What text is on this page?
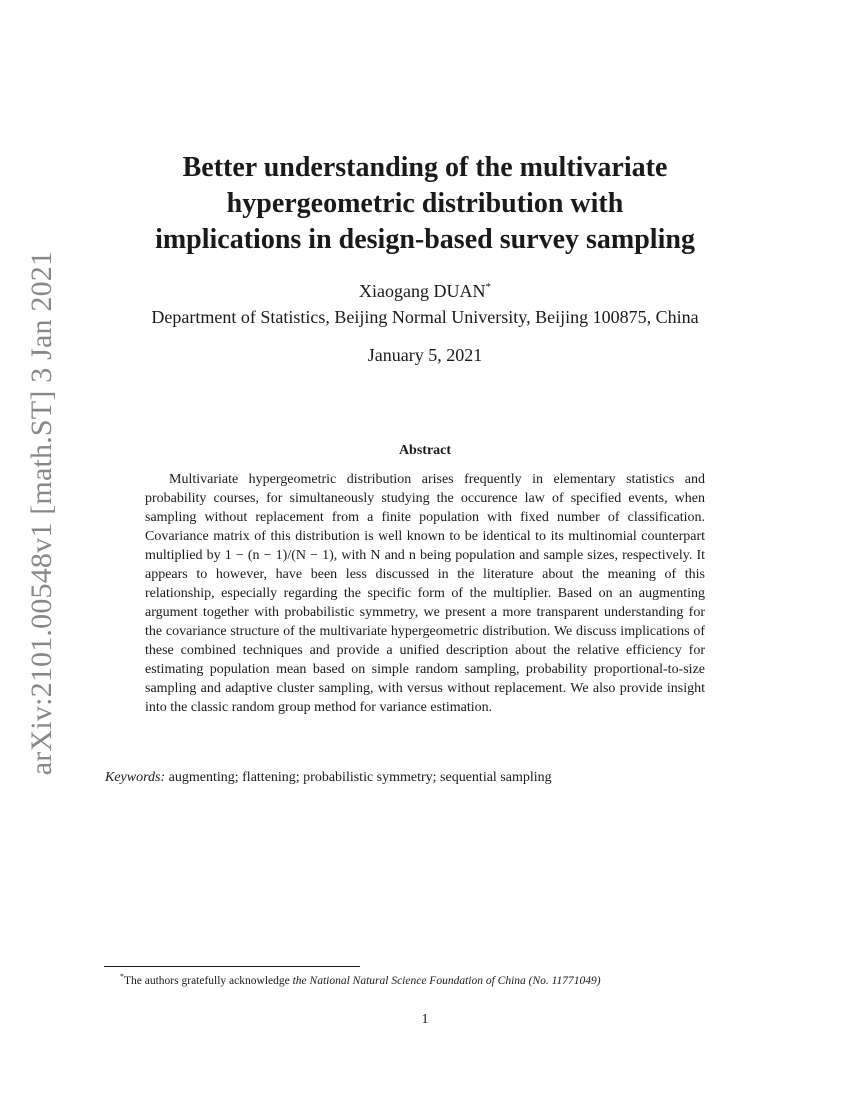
arXiv:2101.00548v1 [math.ST] 3 Jan 2021
Better understanding of the multivariate
hypergeometric distribution with
implications in design-based survey sampling
Xiaogang DUAN*
Department of Statistics, Beijing Normal University, Beijing 100875, China
January 5, 2021
Abstract
Multivariate hypergeometric distribution arises frequently in elementary statistics and probability courses, for simultaneously studying the occurence law of specified events, when sampling without replacement from a finite population with fixed number of classification. Covariance matrix of this distribution is well known to be identical to its multinomial counterpart multiplied by 1 − (n − 1)/(N − 1), with N and n being population and sample sizes, respectively. It appears to however, have been less discussed in the literature about the meaning of this relationship, especially regarding the specific form of the multiplier. Based on an augmenting argument together with probabilistic symmetry, we present a more transparent understanding for the covariance structure of the multivariate hypergeometric distribution. We discuss implications of these combined techniques and provide a unified description about the relative efficiency for estimating population mean based on simple random sampling, probability proportional-to-size sampling and adaptive cluster sampling, with versus without replacement. We also provide insight into the classic random group method for variance estimation.
Keywords: augmenting; flattening; probabilistic symmetry; sequential sampling
*The authors gratefully acknowledge the National Natural Science Foundation of China (No. 11771049)
1
